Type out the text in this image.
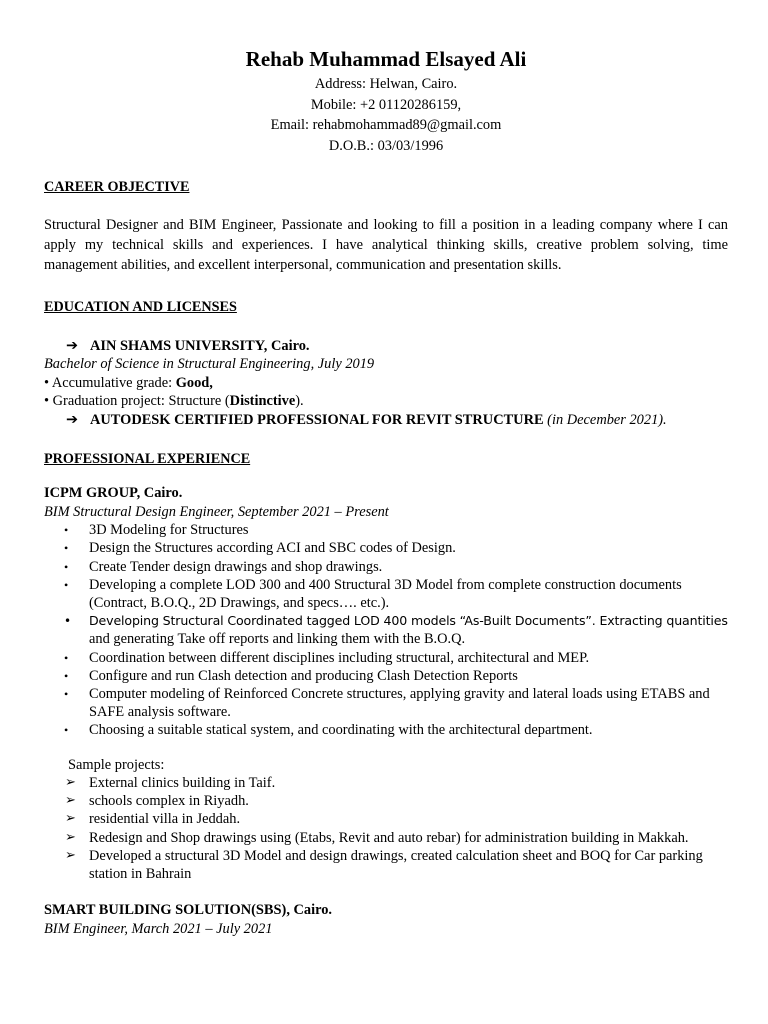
Rehab Muhammad Elsayed Ali
Address: Helwan, Cairo.
Mobile: +2 01120286159,
Email: rehabmohammad89@gmail.com
D.O.B.: 03/03/1996

CAREER OBJECTIVE

Structural Designer and BIM Engineer, Passionate and looking to fill a position in a leading company where I can apply my technical skills and experiences. I have analytical thinking skills, creative problem solving, time management abilities, and excellent interpersonal, communication and presentation skills.

EDUCATION AND LICENSES

➔ AIN SHAMS UNIVERSITY, Cairo.
Bachelor of Science in Structural Engineering, July 2019
• Accumulative grade: Good,
• Graduation project: Structure (Distinctive).
➔ AUTODESK CERTIFIED PROFESSIONAL FOR REVIT STRUCTURE (in December 2021).

PROFESSIONAL EXPERIENCE

ICPM GROUP, Cairo.
BIM Structural Design Engineer, September 2021 – Present
• 3D Modeling for Structures
• Design the Structures according ACI and SBC codes of Design.
• Create Tender design drawings and shop drawings.
• Developing a complete LOD 300 and 400 Structural 3D Model from complete construction documents (Contract, B.O.Q., 2D Drawings, and specs…. etc.).
• Developing Structural Coordinated tagged LOD 400 models “As-Built Documents”. Extracting quantities
and generating Take off reports and linking them with the B.O.Q.
• Coordination between different disciplines including structural, architectural and MEP.
• Configure and run Clash detection and producing Clash Detection Reports
• Computer modeling of Reinforced Concrete structures, applying gravity and lateral loads using ETABS and SAFE analysis software.
• Choosing a suitable statical system, and coordinating with the architectural department.
Sample projects:
➢ External clinics building in Taif.
➢ schools complex in Riyadh.
➢ residential villa in Jeddah.
➢ Redesign and Shop drawings using (Etabs, Revit and auto rebar) for administration building in Makkah.
➢ Developed a structural 3D Model and design drawings, created calculation sheet and BOQ for Car parking station in Bahrain
SMART BUILDING SOLUTION(SBS), Cairo.
BIM Engineer, March 2021 – July 2021
